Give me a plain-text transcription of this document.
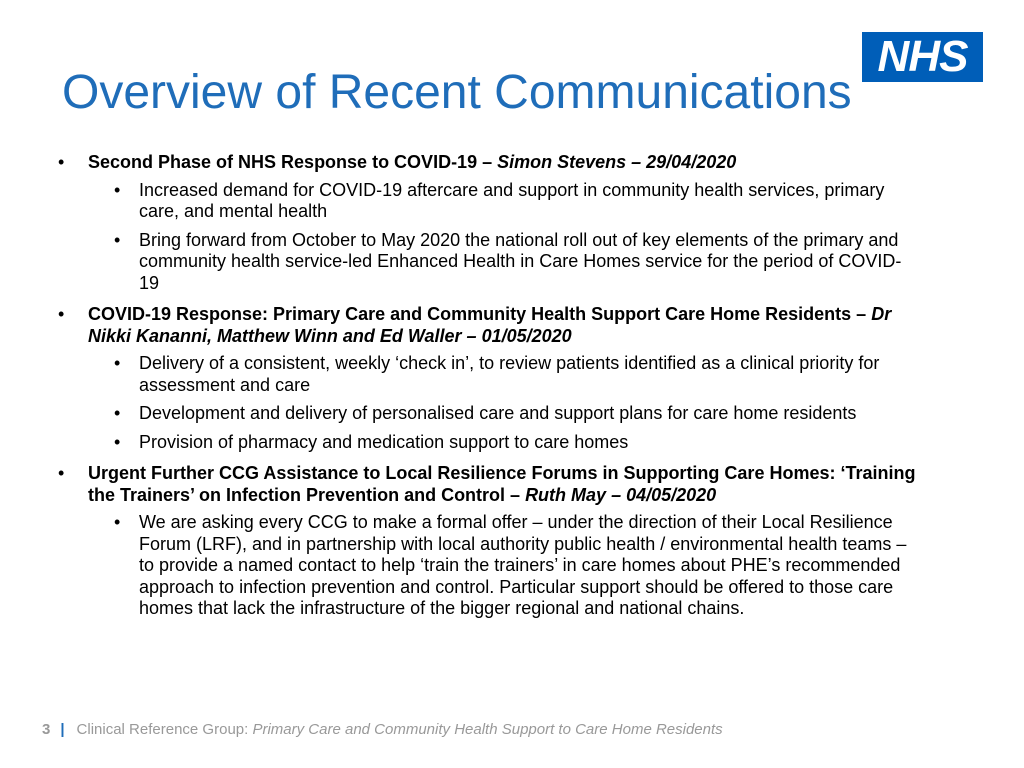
NHS
Overview of Recent Communications
•	Second Phase of NHS Response to COVID-19 – Simon Stevens – 29/04/2020
•	Increased demand for COVID-19 aftercare and support in community health services, primary care, and mental health
•	Bring forward from October to May 2020 the national roll out of key elements of the primary and community health service-led Enhanced Health in Care Homes service for the period of COVID-19
•	COVID-19 Response: Primary Care and Community Health Support Care Home Residents – Dr Nikki Kananni, Matthew Winn and Ed Waller – 01/05/2020
•	Delivery of a consistent, weekly ‘check in’, to review patients identified as a clinical priority for assessment and care
•	Development and delivery of personalised care and support plans for care home residents
•	Provision of pharmacy and medication support to care homes
•	Urgent Further CCG Assistance to Local Resilience Forums in Supporting Care Homes: ‘Training the Trainers’ on Infection Prevention and Control – Ruth May – 04/05/2020
•	We are asking every CCG to make a formal offer – under the direction of their Local Resilience Forum (LRF), and in partnership with local authority public health / environmental health teams – to provide a named contact to help ‘train the trainers’ in care homes about PHE’s recommended approach to infection prevention and control. Particular support should be offered to those care homes that lack the infrastructure of the bigger regional and national chains.
3 | Clinical Reference Group: Primary Care and Community Health Support to Care Home Residents
